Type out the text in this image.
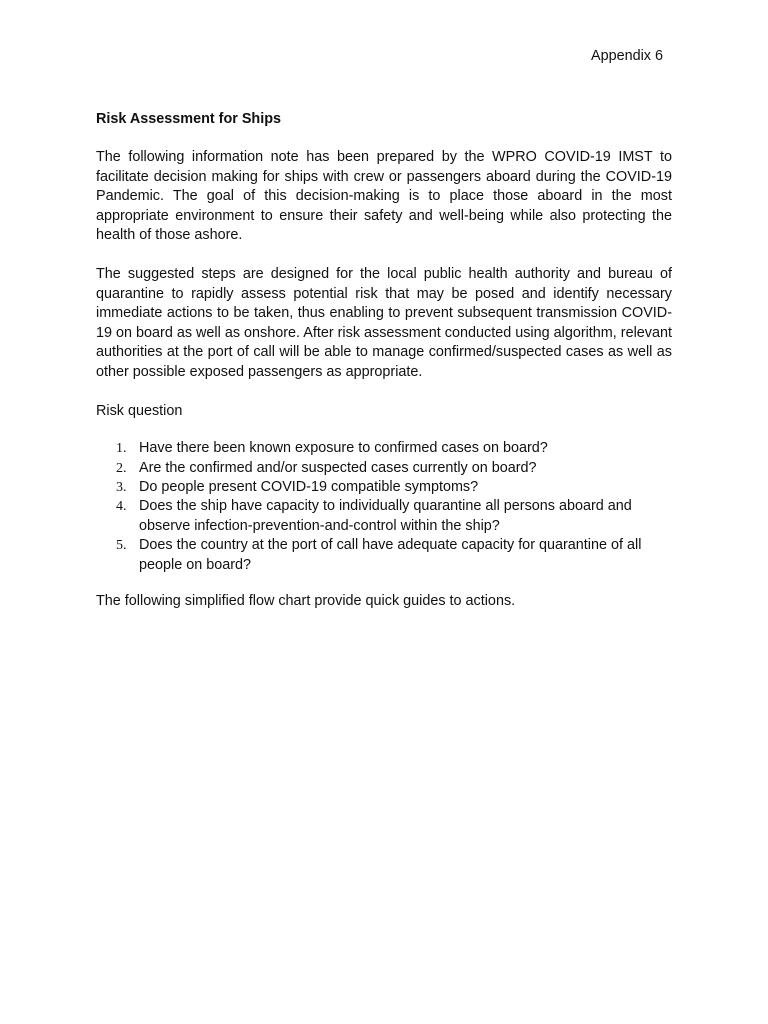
Appendix 6
Risk Assessment for Ships

The following information note has been prepared by the WPRO COVID-19 IMST to facilitate decision making for ships with crew or passengers aboard during the COVID-19 Pandemic. The goal of this decision-making is to place those aboard in the most appropriate environment to ensure their safety and well-being while also protecting the health of those ashore.

The suggested steps are designed for the local public health authority and bureau of quarantine to rapidly assess potential risk that may be posed and identify necessary immediate actions to be taken, thus enabling to prevent subsequent transmission COVID-19 on board as well as onshore. After risk assessment conducted using algorithm, relevant authorities at the port of call will be able to manage confirmed/suspected cases as well as other possible exposed passengers as appropriate.

Risk question
1. Have there been known exposure to confirmed cases on board?
2. Are the confirmed and/or suspected cases currently on board?
3. Do people present COVID-19 compatible symptoms?
4. Does the ship have capacity to individually quarantine all persons aboard and observe infection-prevention-and-control within the ship?
5. Does the country at the port of call have adequate capacity for quarantine of all people on board?

The following simplified flow chart provide quick guides to actions.
